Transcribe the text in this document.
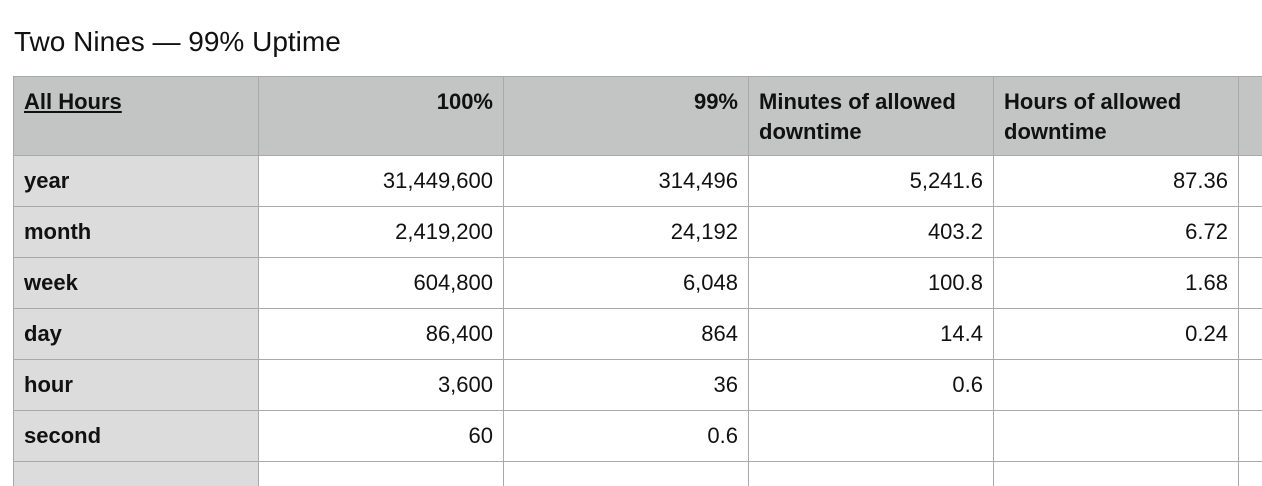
Two Nines — 99% Uptime
All Hours	100%	99%	Minutes of allowed downtime	Hours of allowed downtime	
year	31,449,600	314,496	5,241.6	87.36	
month	2,419,200	24,192	403.2	6.72	
week	604,800	6,048	100.8	1.68	
day	86,400	864	14.4	0.24	
hour	3,600	36	0.6		
second	60	0.6			
